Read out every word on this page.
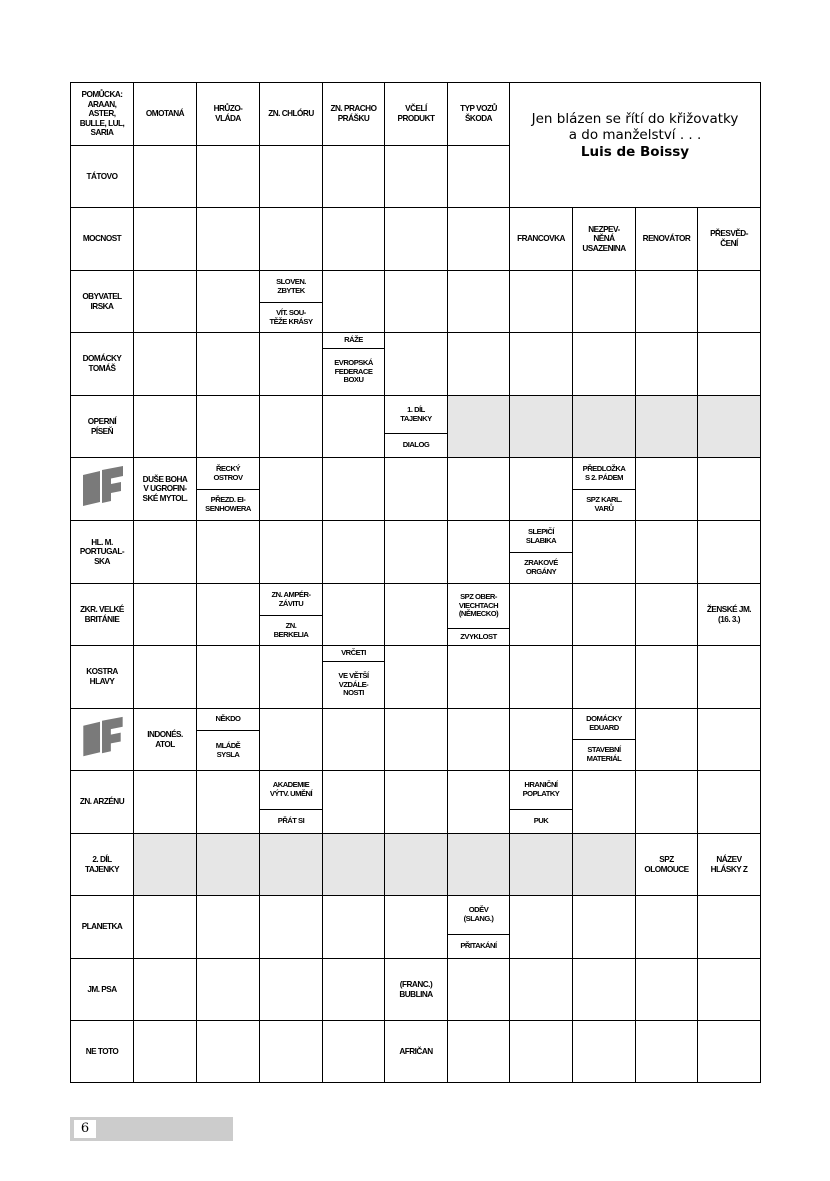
POMŮCKA:
ARAAN,
ASTER,
BULLE, LUL,
SARIA
OMOTANÁ
HRŮZO-
VLÁDA
ZN. CHLÓRU
ZN. PRACHO
PRÁŠKU
VČELÍ
PRODUKT
TYP VOZŮ
ŠKODA
TÁTOVO
MOCNOST	FRANCOVKA
NEZPEV-
NĚNÁ
USAZENINA
RENOVÁTOR
PŘESVĚD-
ČENÍ
OBYVATEL
IRSKA
SLOVEN.
ZBYTEK
VÍT. SOU-
TĚŽE KRÁSY
DOMÁCKY
TOMÁŠ
RÁŽE
EVROPSKÁ
FEDERACE
BOXU
OPERNÍ
PÍSEŇ
1. DÍL
TAJENKY
DIALOG
DUŠE BOHA
V UGROFIN-
SKÉ MYTOL.
ŘECKÝ
OSTROV
PŘEZD. EI-
SENHOWERA
PŘEDLOŽKA
S 2. PÁDEM
SPZ KARL.
VARŮ
HL. M.
PORTUGAL-
SKA
SLEPIČÍ
SLABIKA
ZRAKOVÉ
ORGÁNY
ZKR. VELKÉ
BRITÁNIE
ZN. AMPÉR-
ZÁVITU
ZN.
BERKELIA
SPZ OBER-
VIECHTACH
(NĚMECKO)
ZVYKLOST
ŽENSKÉ JM.
(16. 3.)
KOSTRA
HLAVY
VRČETI
VE VĚTŠÍ
VZDÁLE-
NOSTI
INDONÉS.
ATOL
NĚKDO
MLÁDĚ
SYSLA
DOMÁCKY
EDUARD
STAVEBNÍ
MATERIÁL
ZN. ARZÉNU
AKADEMIE
VÝTV. UMĚNÍ
PŘÁT SI
HRANIČNÍ
POPLATKY
PUK
2. DÍL
TAJENKY
SPZ
OLOMOUCE
NÁZEV
HLÁSKY Z
PLANETKA
ODĚV
(SLANG.)
PŘITAKÁNÍ
JM. PSA
(FRANC.)
BUBLINA
NE TOTO	AFRIČAN
Jen blázen se řítí do křižovatky
a do manželství . . .
Luis de Boissy
6
